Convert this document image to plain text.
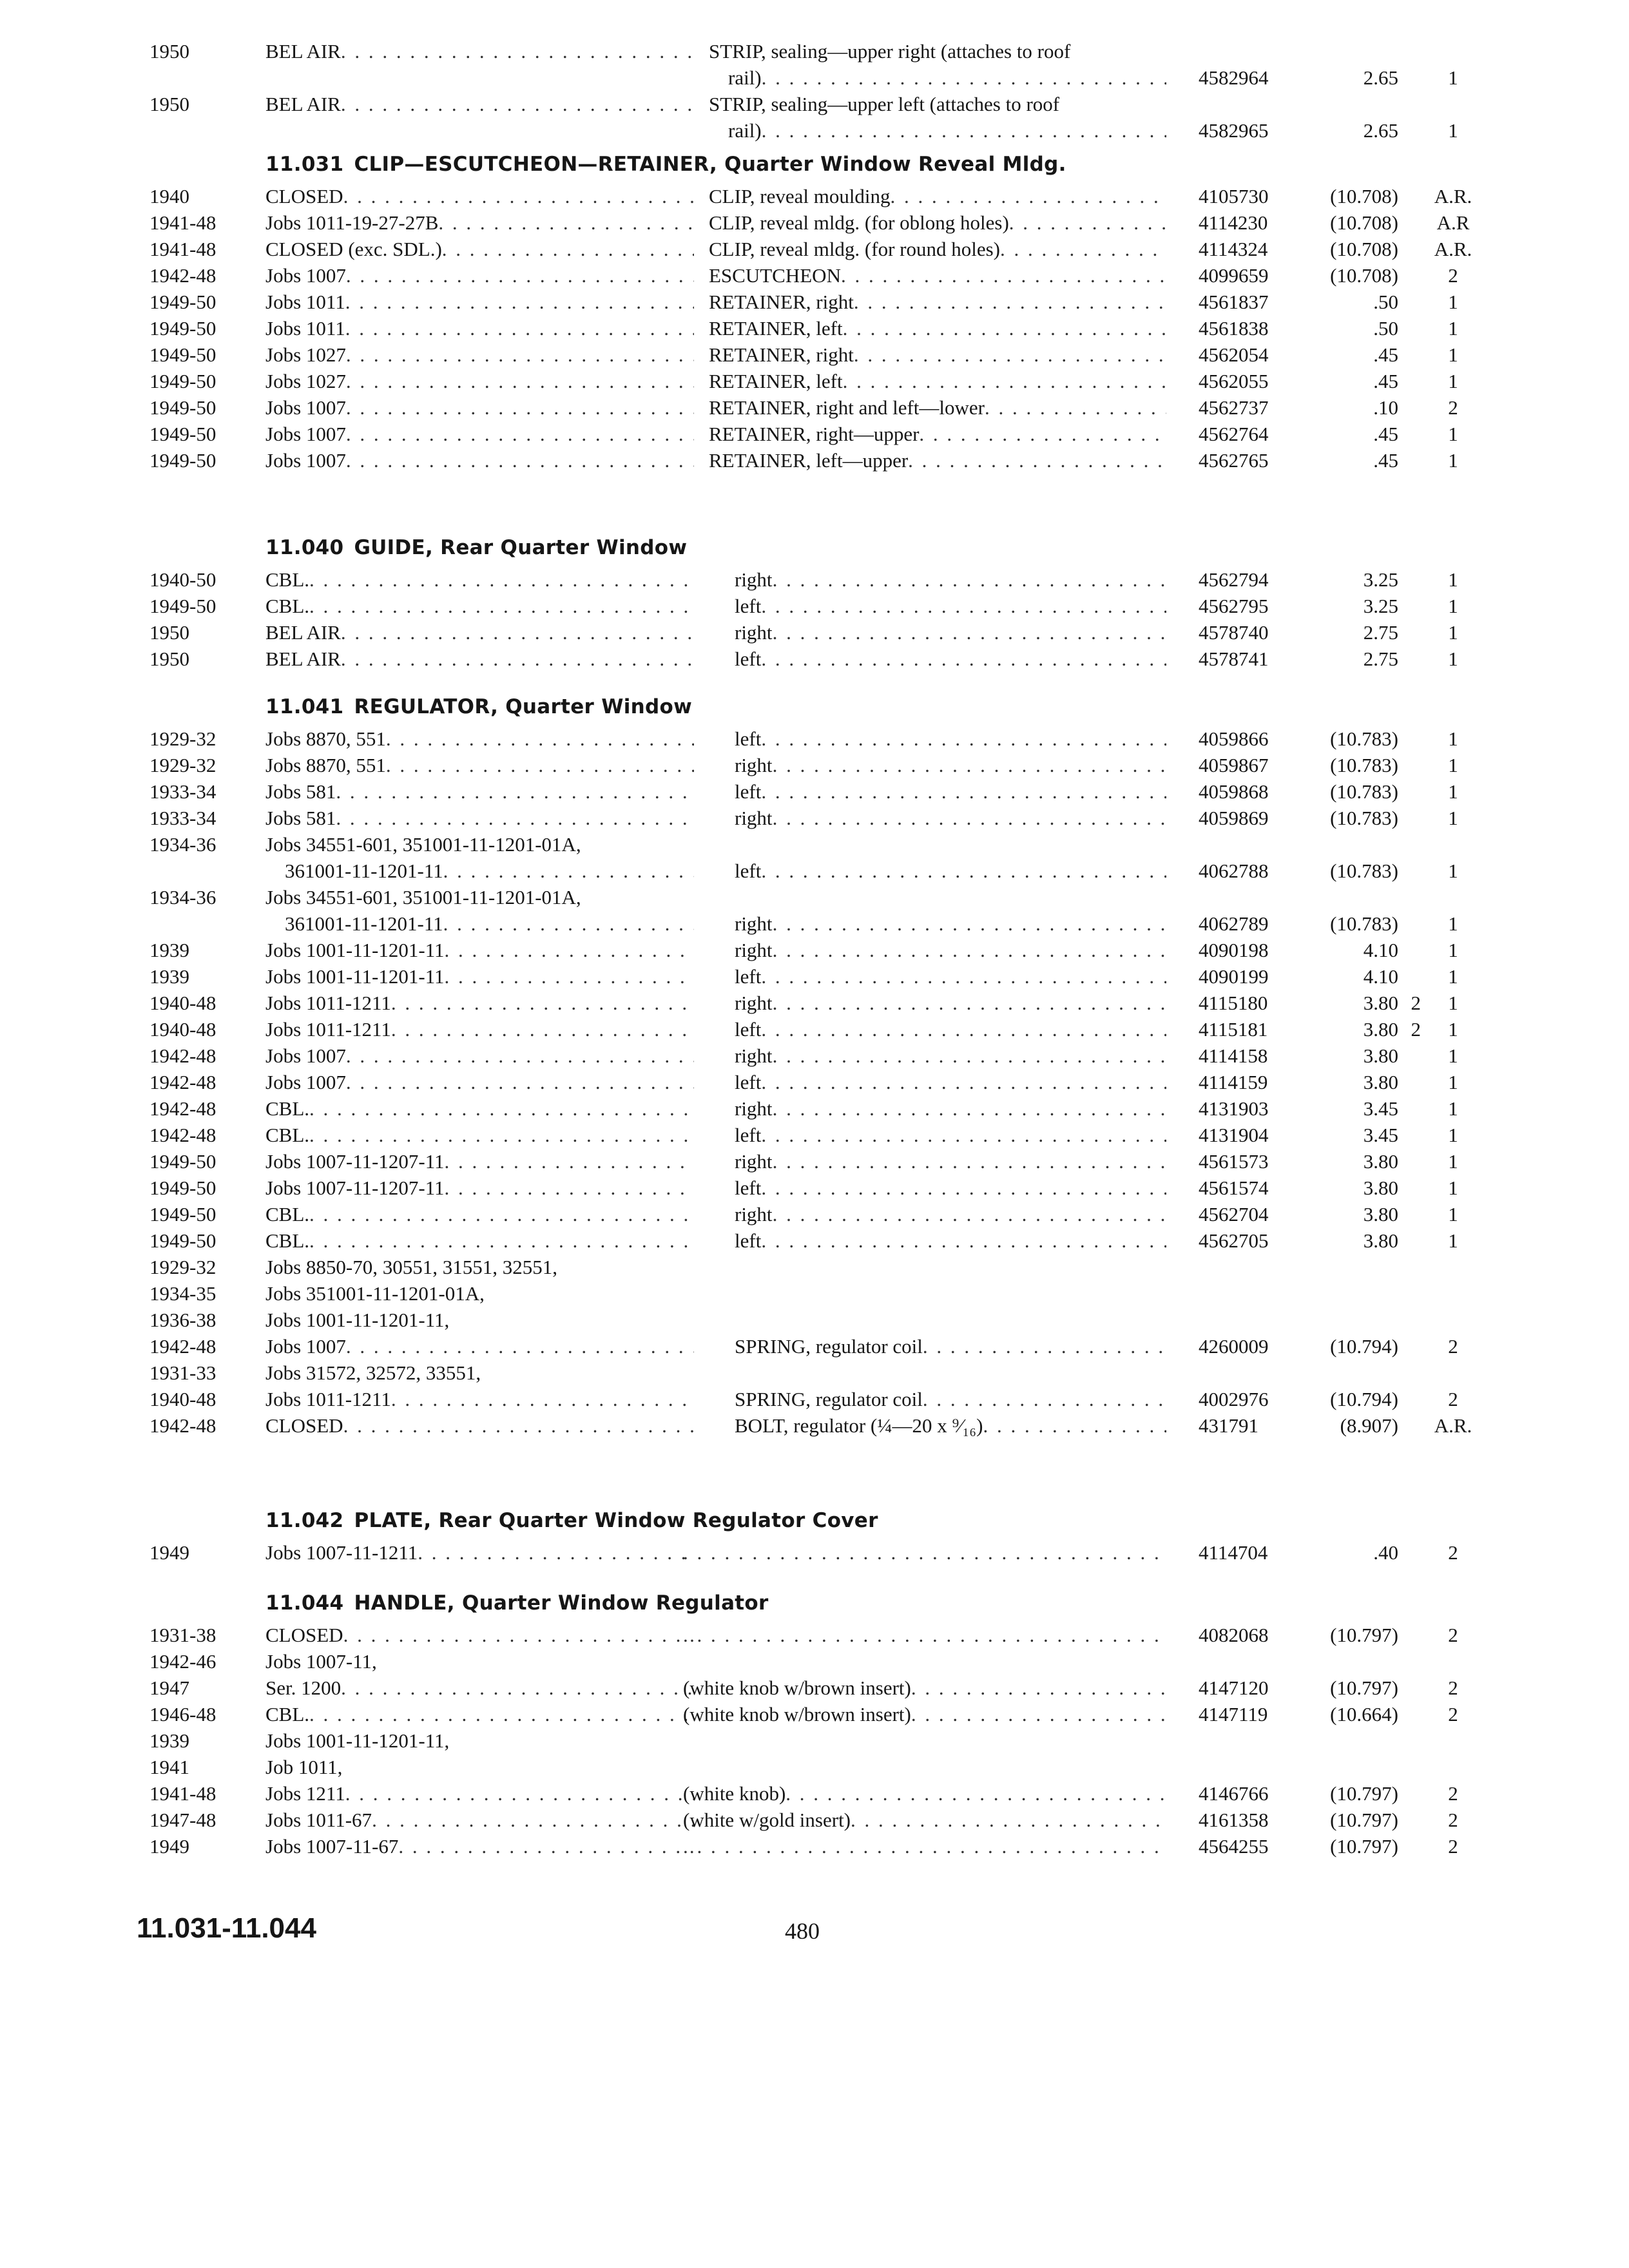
1950	BEL AIR . . .	STRIP, sealing—upper right (attaches to roof
rail) . . .	4582964	2.65	1
1950	BEL AIR . . .	STRIP, sealing—upper left (attaches to roof
rail) . . .	4582965	2.65	1
11.031 CLIP—ESCUTCHEON—RETAINER, Quarter Window Reveal Mldg.
1940	CLOSED . . .	CLIP, reveal moulding . . .	4105730	(10.708)	A.R.
1941-48	Jobs 1011-19-27-27B . . .	CLIP, reveal mldg. (for oblong holes) . . .	4114230	(10.708)	A.R
1941-48	CLOSED (exc. SDL.) . . .	CLIP, reveal mldg. (for round holes) . . .	4114324	(10.708)	A.R.
1942-48	Jobs 1007 . . .	ESCUTCHEON . . .	4099659	(10.708)	2
1949-50	Jobs 1011 . . .	RETAINER, right . . .	4561837	.50	1
1949-50	Jobs 1011 . . .	RETAINER, left . . .	4561838	.50	1
1949-50	Jobs 1027 . . .	RETAINER, right . . .	4562054	.45	1
1949-50	Jobs 1027 . . .	RETAINER, left . . .	4562055	.45	1
1949-50	Jobs 1007 . . .	RETAINER, right and left—lower . . .	4562737	.10	2
1949-50	Jobs 1007 . . .	RETAINER, right—upper . . .	4562764	.45	1
1949-50	Jobs 1007 . . .	RETAINER, left—upper . . .	4562765	.45	1
11.040 GUIDE, Rear Quarter Window
1940-50	CBL. . . .	right . . .	4562794	3.25	1
1949-50	CBL. . . .	left . . .	4562795	3.25	1
1950	BEL AIR . . .	right . . .	4578740	2.75	1
1950	BEL AIR . . .	left . . .	4578741	2.75	1
11.041 REGULATOR, Quarter Window
1929-32	Jobs 8870, 551 . . .	left . . .	4059866	(10.783)	1
1929-32	Jobs 8870, 551 . . .	right . . .	4059867	(10.783)	1
1933-34	Jobs 581 . . .	left . . .	4059868	(10.783)	1
1933-34	Jobs 581 . . .	right . . .	4059869	(10.783)	1
1934-36	Jobs 34551-601, 351001-11-1201-01A,
361001-11-1201-11 . . .	left . . .	4062788	(10.783)	1
1934-36	Jobs 34551-601, 351001-11-1201-01A,
361001-11-1201-11 . . .	right . . .	4062789	(10.783)	1
1939	Jobs 1001-11-1201-11 . . .	right . . .	4090198	4.10	1
1939	Jobs 1001-11-1201-11 . . .	left . . .	4090199	4.10	1
1940-48	Jobs 1011-1211 . . .	right . . .	4115180	3.80 2	1
1940-48	Jobs 1011-1211 . . .	left . . .	4115181	3.80 2	1
1942-48	Jobs 1007 . . .	right . . .	4114158	3.80	1
1942-48	Jobs 1007 . . .	left . . .	4114159	3.80	1
1942-48	CBL. . . .	right . . .	4131903	3.45	1
1942-48	CBL. . . .	left . . .	4131904	3.45	1
1949-50	Jobs 1007-11-1207-11 . . .	right . . .	4561573	3.80	1
1949-50	Jobs 1007-11-1207-11 . . .	left . . .	4561574	3.80	1
1949-50	CBL. . . .	right . . .	4562704	3.80	1
1949-50	CBL. . . .	left . . .	4562705	3.80	1
1929-32	Jobs 8850-70, 30551, 31551, 32551,
1934-35	Jobs 351001-11-1201-01A,
1936-38	Jobs 1001-11-1201-11,
1942-48	Jobs 1007 . . .	SPRING, regulator coil . . .	4260009	(10.794)	2
1931-33	Jobs 31572, 32572, 33551,
1940-48	Jobs 1011-1211 . . .	SPRING, regulator coil . . .	4002976	(10.794)	2
1942-48	CLOSED . . .	BOLT, regulator (¼—20 x ⁹⁄₁₆) . . .	431791	(8.907)	A.R.
11.042 PLATE, Rear Quarter Window Regulator Cover
1949	Jobs 1007-11-1211 . . . . . .	4114704	.40	2
11.044 HANDLE, Quarter Window Regulator
1931-38	CLOSED . . . . . .	4082068	(10.797)	2
1942-46	Jobs 1007-11,
1947	Ser. 1200 . . .	(white knob w/brown insert) . . .	4147120	(10.797)	2
1946-48	CBL. . . .	(white knob w/brown insert) . . .	4147119	(10.664)	2
1939	Jobs 1001-11-1201-11,
1941	Job 1011,
1941-48	Jobs 1211 . . .	(white knob) . . .	4146766	(10.797)	2
1947-48	Jobs 1011-67 . . .	(white w/gold insert) . . .	4161358	(10.797)	2
1949	Jobs 1007-11-67 . . . . . .	4564255	(10.797)	2
11.031-11.044	480
